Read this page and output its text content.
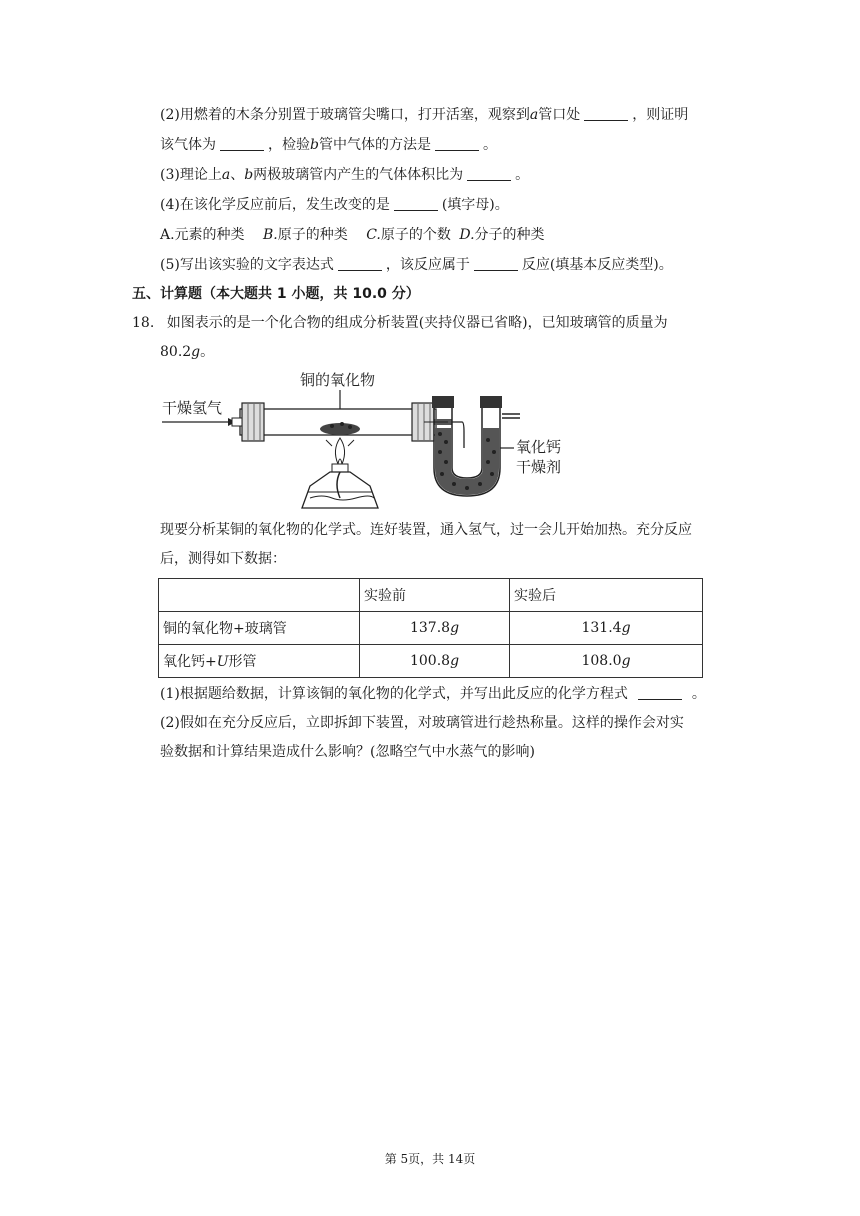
(2)用燃着的木条分别置于玻璃管尖嘴口，打开活塞，观察到a管口处	，则证明
该气体为	，检验b管中气体的方法是	。
(3)理论上a、b两极玻璃管内产生的气体体积比为	。
(4)在该化学反应前后，发生改变的是	(填字母)。
A.元素的种类 B.原子的种类 C.原子的个数 D.分子的种类
(5)写出该实验的文字表达式	，该反应属于	反应(填基本反应类型)。
五、计算题（本大题共 1 小题，共 10.0 分）
18. 如图表示的是一个化合物的组成分析装置(夹持仪器已省略)，已知玻璃管的质量为
80.2g。
铜的氧化物
干燥氢气
氧化钙
干燥剂
现要分析某铜的氧化物的化学式。连好装置，通入氢气，过一会儿开始加热。充分反应
后，测得如下数据：
	实验前	实验后
铜的氧化物+玻璃管	137.8g	131.4g
氧化钙+U形管	100.8g	108.0g
(1)根据题给数据，计算该铜的氧化物的化学式，并写出此反应的化学方程式	。
(2)假如在充分反应后，立即拆卸下装置，对玻璃管进行趁热称量。这样的操作会对实
验数据和计算结果造成什么影响？(忽略空气中水蒸气的影响)
第 5页，共 14页
